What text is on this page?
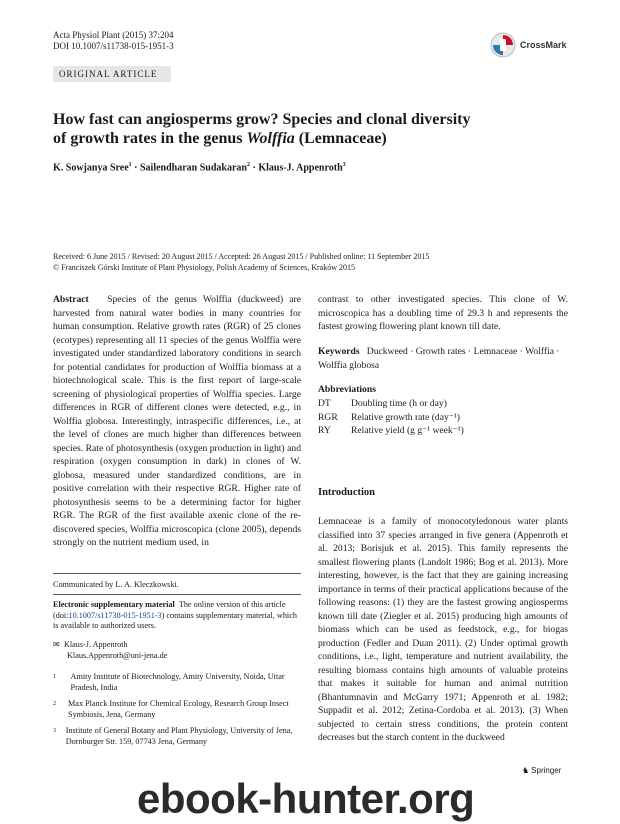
Acta Physiol Plant (2015) 37:204
DOI 10.1007/s11738-015-1951-3	CrossMark
ORIGINAL ARTICLE
How fast can angiosperms grow? Species and clonal diversity
of growth rates in the genus Wolffia (Lemnaceae)
K. Sowjanya Sree$^1$ · Sailendharan Sudakaran$^2$ · Klaus-J. Appenroth$^3$
Received: 6 June 2015 / Revised: 20 August 2015 / Accepted: 26 August 2015 / Published online: 11 September 2015
© Franciszek Górski Institute of Plant Physiology, Polish Academy of Sciences, Kraków 2015
Abstract Species of the genus Wolffia (duckweed) are harvested from natural water bodies in many countries for human consumption. Relative growth rates (RGR) of 25 clones (ecotypes) representing all 11 species of the genus Wolffia were investigated under standardized laboratory conditions in search for potential candidates for production of Wolffia biomass at a biotechnological scale. This is the first report of large-scale screening of physiological properties of Wolffia species. Large differences in RGR of different clones were detected, e.g., in Wolffia globosa. Interestingly, intraspecific differences, i.e., at the level of clones are much higher than differences between species. Rate of photosynthesis (oxygen production in light) and respiration (oxygen consumption in dark) in clones of W. globosa, measured under standardized conditions, are in positive correlation with their respective RGR. Higher rate of photosynthesis seems to be a determining factor for higher RGR. The RGR of the first available axenic clone of the re-discovered species, Wolffia microscopica (clone 2005), depends strongly on the nutrient medium used, in
contrast to other investigated species. This clone of W. microscopica has a doubling time of 29.3 h and represents the fastest growing flowering plant known till date.
Keywords Duckweed · Growth rates · Lemnaceae · Wolffia · Wolffia globosa
Abbreviations
DT	Doubling time (h or day)
RGR	Relative growth rate (day⁻¹)
RY	Relative yield (g g⁻¹ week⁻¹)
Introduction
Lemnaceae is a family of monocotyledonous water plants classified into 37 species arranged in five genera (Appenroth et al. 2013; Borisjuk et al. 2015). This family represents the smallest flowering plants (Landolt 1986; Bog et al. 2013). More interesting, however, is the fact that they are gaining increasing importance in terms of their practical applications because of the following reasons: (1) they are the fastest growing angiosperms known till date (Ziegler et al. 2015) producing high amounts of biomass which can be used as feedstock, e.g., for biogas production (Fedler and Duan 2011). (2) Under optimal growth conditions, i.e., light, temperature and nutrient availability, the resulting biomass contains high amounts of valuable proteins that makes it suitable for human and animal nutrition (Bhantumnavin and McGarry 1971; Appenroth et al. 1982; Suppadit et al. 2012; Zetina-Cordoba et al. 2013). (3) When subjected to certain stress conditions, the protein content decreases but the starch content in the duckweed
Communicated by L. A. Kleczkowski.
Electronic supplementary material The online version of this article (doi:10.1007/s11738-015-1951-3) contains supplementary material, which is available to authorized users.
✉ Klaus-J. Appenroth
Klaus.Appenroth@uni-jena.de
1	Amity Institute of Biotechnology, Amity University, Noida, Uttar Pradesh, India
2	Max Planck Institute for Chemical Ecology, Research Group Insect Symbiosis, Jena, Germany
3	Institute of General Botany and Plant Physiology, University of Jena, Dornburger Str. 159, 07743 Jena, Germany
♞ Springer
ebook-hunter.org
